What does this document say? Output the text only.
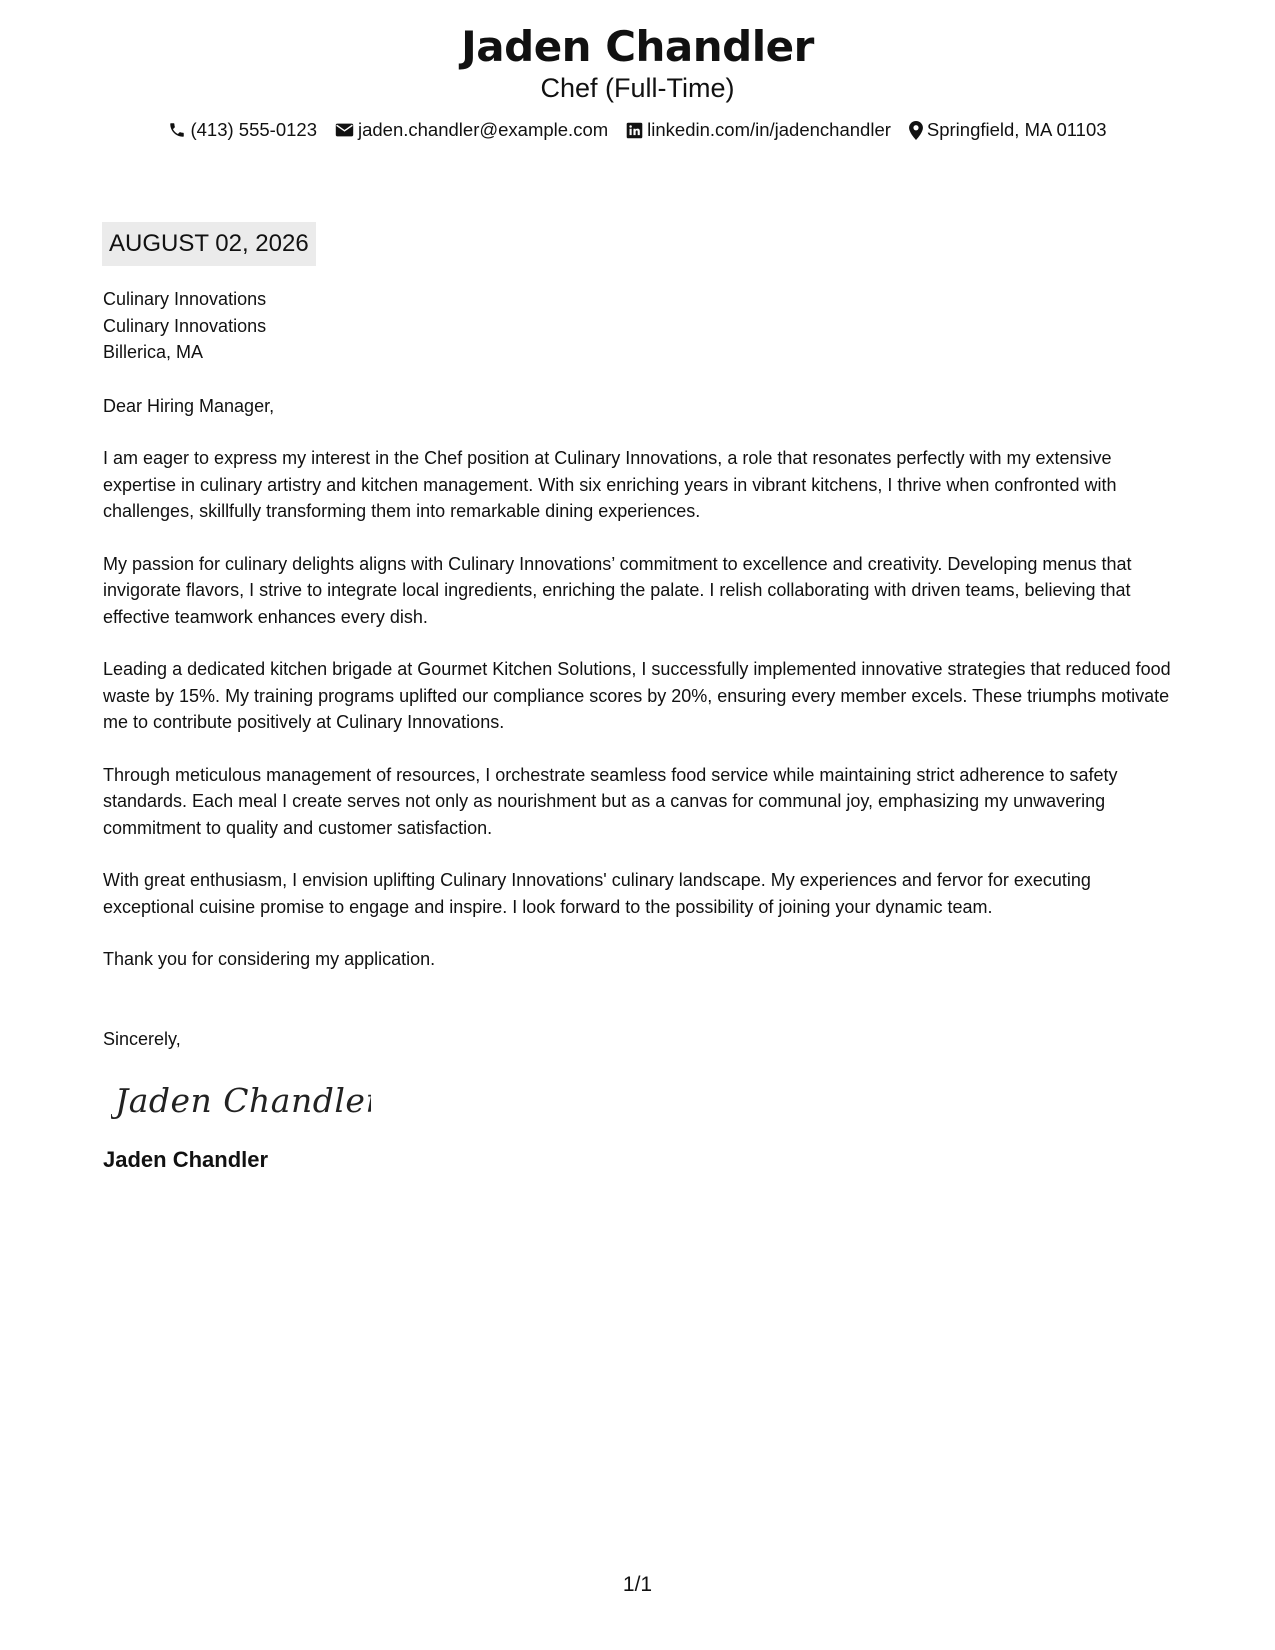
Jaden Chandler
Chef (Full-Time)
(413) 555-0123 jaden.chandler@example.com linkedin.com/in/jadenchandler Springfield, MA 01103
AUGUST 02, 2026

Culinary Innovations

Culinary Innovations

Billerica, MA

Dear Hiring Manager,

I am eager to express my interest in the Chef position at Culinary Innovations, a role that resonates perfectly with my extensive expertise in culinary artistry and kitchen management. With six enriching years in vibrant kitchens, I thrive when confronted with challenges, skillfully transforming them into remarkable dining experiences.

My passion for culinary delights aligns with Culinary Innovations’ commitment to excellence and creativity. Developing menus that invigorate flavors, I strive to integrate local ingredients, enriching the palate. I relish collaborating with driven teams, believing that effective teamwork enhances every dish.

Leading a dedicated kitchen brigade at Gourmet Kitchen Solutions, I successfully implemented innovative strategies that reduced food waste by 15%. My training programs uplifted our compliance scores by 20%, ensuring every member excels. These triumphs motivate me to contribute positively at Culinary Innovations.

Through meticulous management of resources, I orchestrate seamless food service while maintaining strict adherence to safety standards. Each meal I create serves not only as nourishment but as a canvas for communal joy, emphasizing my unwavering commitment to quality and customer satisfaction.

With great enthusiasm, I envision uplifting Culinary Innovations' culinary landscape. My experiences and fervor for executing exceptional cuisine promise to engage and inspire. I look forward to the possibility of joining your dynamic team.

Thank you for considering my application.

Sincerely,

Jaden Chandler
Jaden Chandler
1/1
